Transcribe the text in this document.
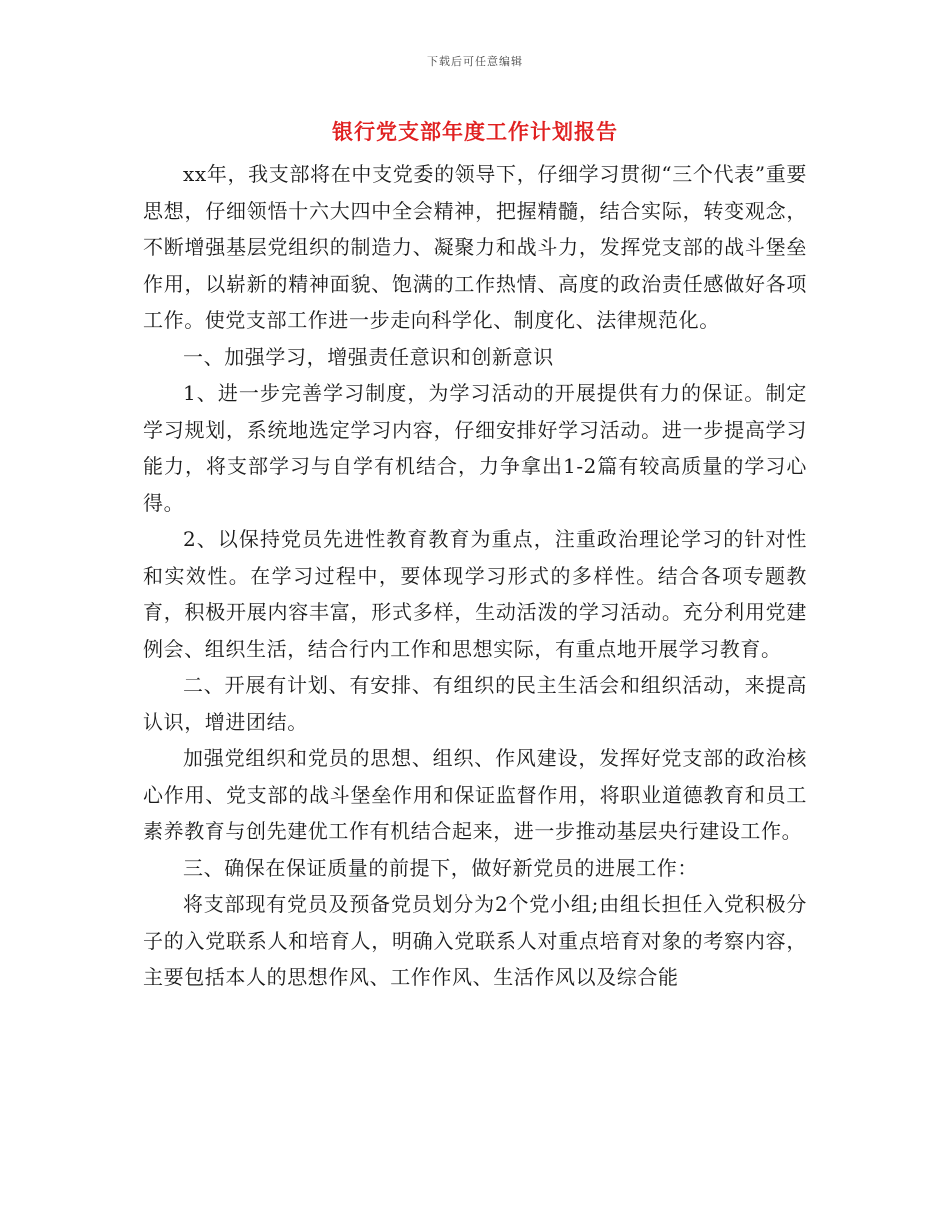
下载后可任意编辑
银行党支部年度工作计划报告

xx年，我支部将在中支党委的领导下，仔细学习贯彻“三个代表”重要思想，仔细领悟十六大四中全会精神，把握精髓，结合实际，转变观念，不断增强基层党组织的制造力、凝聚力和战斗力，发挥党支部的战斗堡垒作用，以崭新的精神面貌、饱满的工作热情、高度的政治责任感做好各项工作。使党支部工作进一步走向科学化、制度化、法律规范化。

一、加强学习，增强责任意识和创新意识

1、进一步完善学习制度，为学习活动的开展提供有力的保证。制定学习规划，系统地选定学习内容，仔细安排好学习活动。进一步提高学习能力，将支部学习与自学有机结合，力争拿出1-2篇有较高质量的学习心得。

2、以保持党员先进性教育教育为重点，注重政治理论学习的针对性和实效性。在学习过程中，要体现学习形式的多样性。结合各项专题教育，积极开展内容丰富，形式多样，生动活泼的学习活动。充分利用党建例会、组织生活，结合行内工作和思想实际，有重点地开展学习教育。

二、开展有计划、有安排、有组织的民主生活会和组织活动，来提高认识，增进团结。

加强党组织和党员的思想、组织、作风建设，发挥好党支部的政治核心作用、党支部的战斗堡垒作用和保证监督作用，将职业道德教育和员工素养教育与创先建优工作有机结合起来，进一步推动基层央行建设工作。

三、确保在保证质量的前提下，做好新党员的进展工作：

将支部现有党员及预备党员划分为2个党小组;由组长担任入党积极分子的入党联系人和培育人，明确入党联系人对重点培育对象的考察内容，主要包括本人的思想作风、工作作风、生活作风以及综合能
